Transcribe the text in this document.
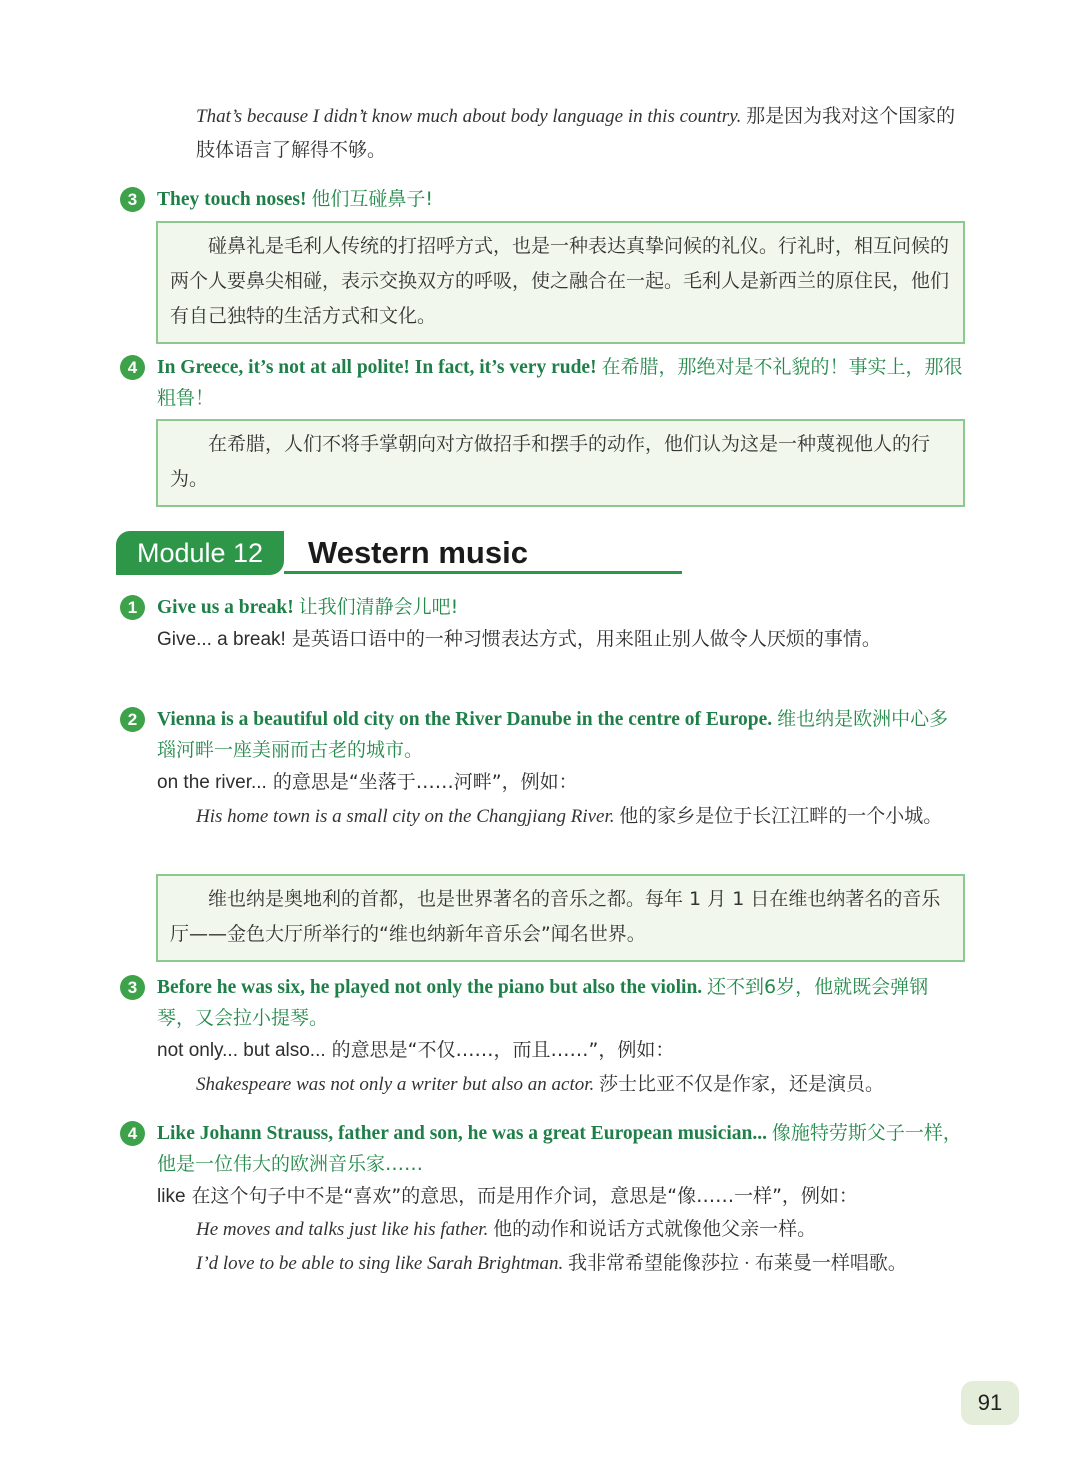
That’s because I didn’t know much about body language in this country. 那是因为我对这个国家的肢体语言了解得不够。
3	They touch noses! 他们互碰鼻子!
碰鼻礼是毛利人传统的打招呼方式，也是一种表达真挚问候的礼仪。行礼时，相互问候的两个人要鼻尖相碰，表示交换双方的呼吸，使之融合在一起。毛利人是新西兰的原住民，他们有自己独特的生活方式和文化。
4	In Greece, it’s not at all polite! In fact, it’s very rude! 在希腊，那绝对是不礼貌的！事实上，那很粗鲁！
在希腊，人们不将手掌朝向对方做招手和摆手的动作，他们认为这是一种蔑视他人的行为。
Module 12	Western music
1	Give us a break! 让我们清静会儿吧!
Give... a break! 是英语口语中的一种习惯表达方式，用来阻止别人做令人厌烦的事情。
2	Vienna is a beautiful old city on the River Danube in the centre of Europe. 维也纳是欧洲中心多瑙河畔一座美丽而古老的城市。
on the river... 的意思是“坐落于……河畔”，例如：
His home town is a small city on the Changjiang River. 他的家乡是位于长江江畔的一个小城。
维也纳是奥地利的首都，也是世界著名的音乐之都。每年 1 月 1 日在维也纳著名的音乐厅——金色大厅所举行的“维也纳新年音乐会”闻名世界。
3	Before he was six, he played not only the piano but also the violin. 还不到6岁，他就既会弹钢琴，又会拉小提琴。
not only... but also... 的意思是“不仅……，而且……”，例如：
Shakespeare was not only a writer but also an actor. 莎士比亚不仅是作家，还是演员。
4	Like Johann Strauss, father and son, he was a great European musician... 像施特劳斯父子一样，他是一位伟大的欧洲音乐家……
like 在这个句子中不是“喜欢”的意思，而是用作介词，意思是“像……一样”，例如：
He moves and talks just like his father. 他的动作和说话方式就像他父亲一样。
I’d love to be able to sing like Sarah Brightman. 我非常希望能像莎拉 · 布莱曼一样唱歌。
91
